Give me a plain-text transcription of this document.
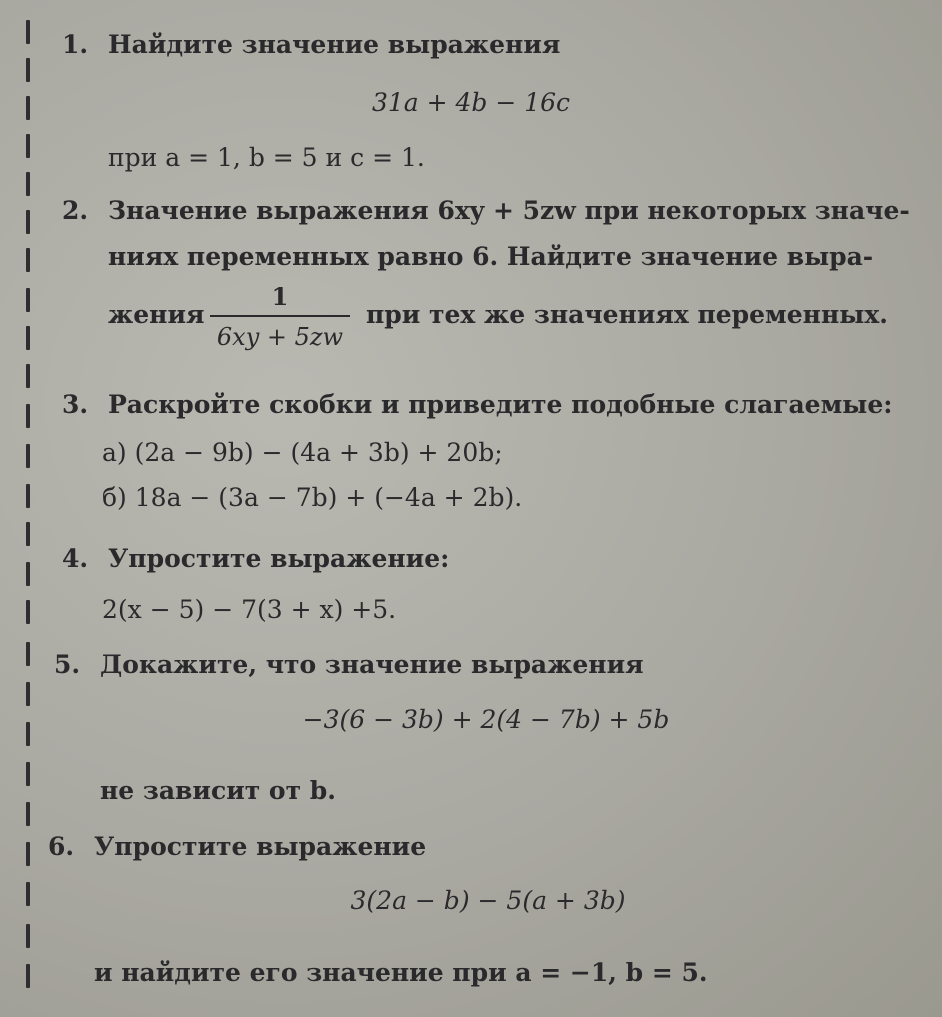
1. Найдите значение выражения
31a + 4b − 16c
при a = 1, b = 5 и c = 1.
2. Значение выражения 6xy + 5zw при некоторых значе-
ниях переменных равно 6. Найдите значение выра-
жения
1
6xy + 5zw
при тех же значениях переменных.
3. Раскройте скобки и приведите подобные слагаемые:
а) (2a − 9b) − (4a + 3b) + 20b;
б) 18a − (3a − 7b) + (−4a + 2b).
4. Упростите выражение:
2(x − 5) − 7(3 + x) +5.
5. Докажите, что значение выражения
−3(6 − 3b) + 2(4 − 7b) + 5b
не зависит от b.
6. Упростите выражение
3(2a − b) − 5(a + 3b)
и найдите его значение при a = −1, b = 5.
